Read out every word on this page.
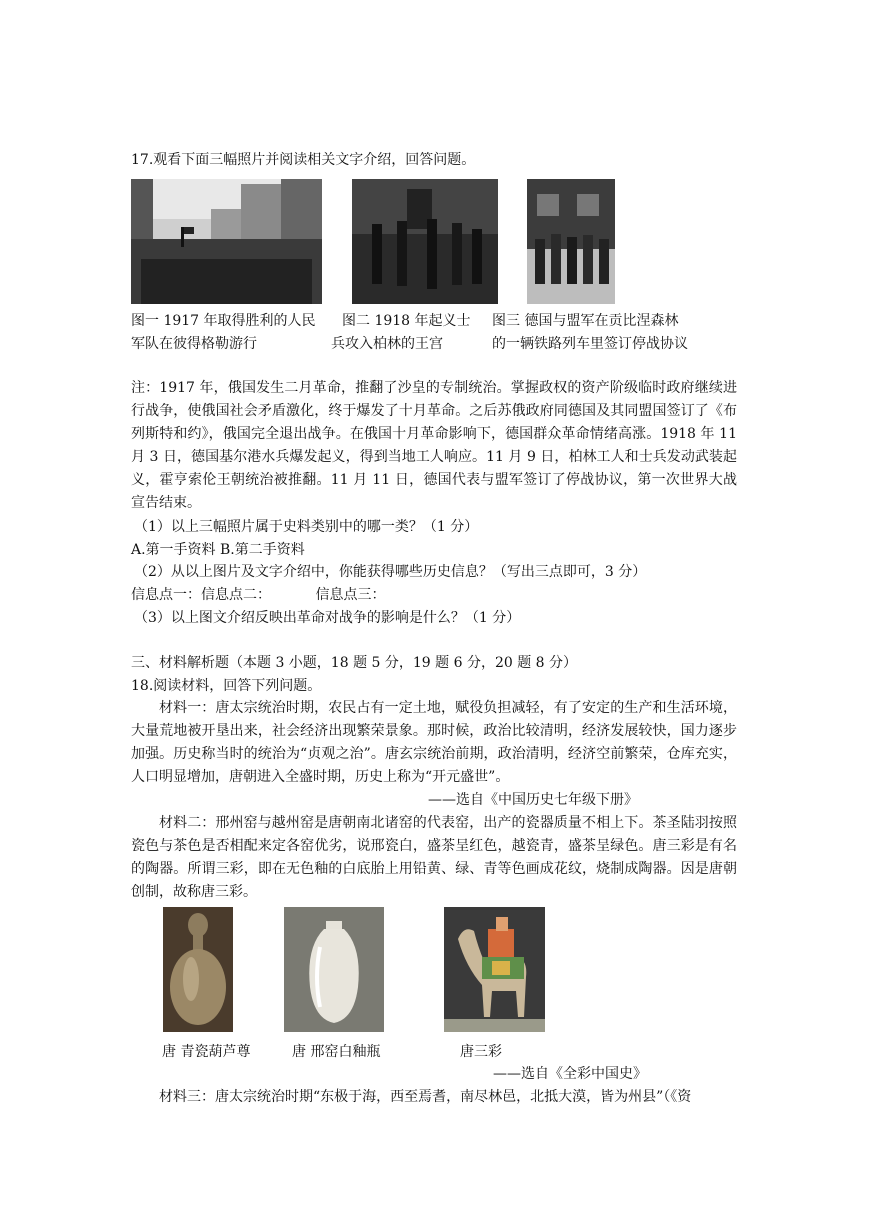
17.观看下面三幅照片并阅读相关文字介绍，回答问题。
图一 1917 年取得胜利的人民 图二 1918 年起义士 图三 德国与盟军在贡比涅森林
军队在彼得格勒游行	兵攻入柏林的王宫	的一辆铁路列车里签订停战协议
注：1917 年，俄国发生二月革命，推翻了沙皇的专制统治。掌握政权的资产阶级临时政府继续进行战争，使俄国社会矛盾激化，终于爆发了十月革命。之后苏俄政府同德国及其同盟国签订了《布列斯特和约》，俄国完全退出战争。在俄国十月革命影响下，德国群众革命情绪高涨。1918 年 11 月 3 日，德国基尔港水兵爆发起义，得到当地工人响应。11 月 9 日，柏林工人和士兵发动武装起义，霍亨索伦王朝统治被推翻。11 月 11 日，德国代表与盟军签订了停战协议，第一次世界大战宣告结束。
（1）以上三幅照片属于史料类别中的哪一类？（1 分）
A.第一手资料 B.第二手资料
（2）从以上图片及文字介绍中，你能获得哪些历史信息？（写出三点即可，3 分）
信息点一：信息点二：          信息点三：
（3）以上图文介绍反映出革命对战争的影响是什么？（1 分）
三、材料解析题（本题 3 小题，18 题 5 分，19 题 6 分，20 题 8 分）
18.阅读材料，回答下列问题。
材料一：唐太宗统治时期，农民占有一定土地，赋役负担减轻，有了安定的生产和生活环境，大量荒地被开垦出来，社会经济出现繁荣景象。那时候，政治比较清明，经济发展较快，国力逐步加强。历史称当时的统治为“贞观之治”。唐玄宗统治前期，政治清明，经济空前繁荣，仓库充实，人口明显增加，唐朝进入全盛时期，历史上称为“开元盛世”。
——选自《中国历史七年级下册》
材料二：邢州窑与越州窑是唐朝南北诸窑的代表窑，出产的瓷器质量不相上下。茶圣陆羽按照瓷色与茶色是否相配来定各窑优劣，说邢瓷白，盛茶呈红色，越瓷青，盛茶呈绿色。唐三彩是有名的陶器。所谓三彩，即在无色釉的白底胎上用铅黄、绿、青等色画成花纹，烧制成陶器。因是唐朝创制，故称唐三彩。
唐 青瓷葫芦尊	唐 邢窑白釉瓶	唐三彩
——选自《全彩中国史》
材料三：唐太宗统治时期“东极于海，西至焉耆，南尽林邑，北抵大漠，皆为州县”（《资
